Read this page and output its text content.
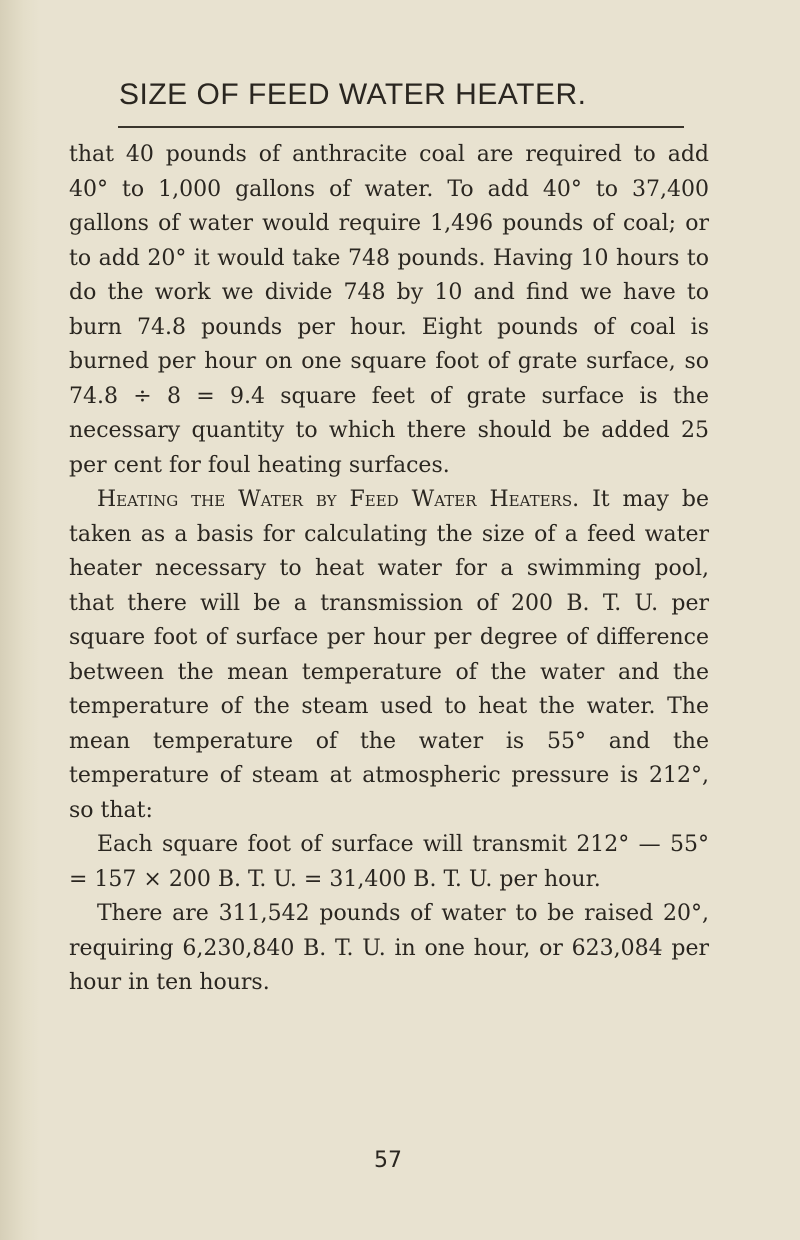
SIZE OF FEED WATER HEATER.

that 40 pounds of anthracite coal are required to add 40° to 1,000 gallons of water. To add 40° to 37,400 gallons of water would require 1,496 pounds of coal; or to add 20° it would take 748 pounds. Having 10 hours to do the work we divide 748 by 10 and find we have to burn 74.8 pounds per hour. Eight pounds of coal is burned per hour on one square foot of grate surface, so 74.8 ÷ 8 = 9.4 square feet of grate surface is the necessary quantity to which there should be added 25 per cent for foul heating surfaces.

Heating the Water by Feed Water Heaters. It may be taken as a basis for calculating the size of a feed water heater necessary to heat water for a swimming pool, that there will be a transmission of 200 B. T. U. per square foot of surface per hour per degree of difference between the mean temperature of the water and the temperature of the steam used to heat the water. The mean temperature of the water is 55° and the temperature of steam at atmospheric pressure is 212°, so that:

Each square foot of surface will transmit 212° — 55° = 157 × 200 B. T. U. = 31,400 B. T. U. per hour.

There are 311,542 pounds of water to be raised 20°, requiring 6,230,840 B. T. U. in one hour, or 623,084 per hour in ten hours.

57
